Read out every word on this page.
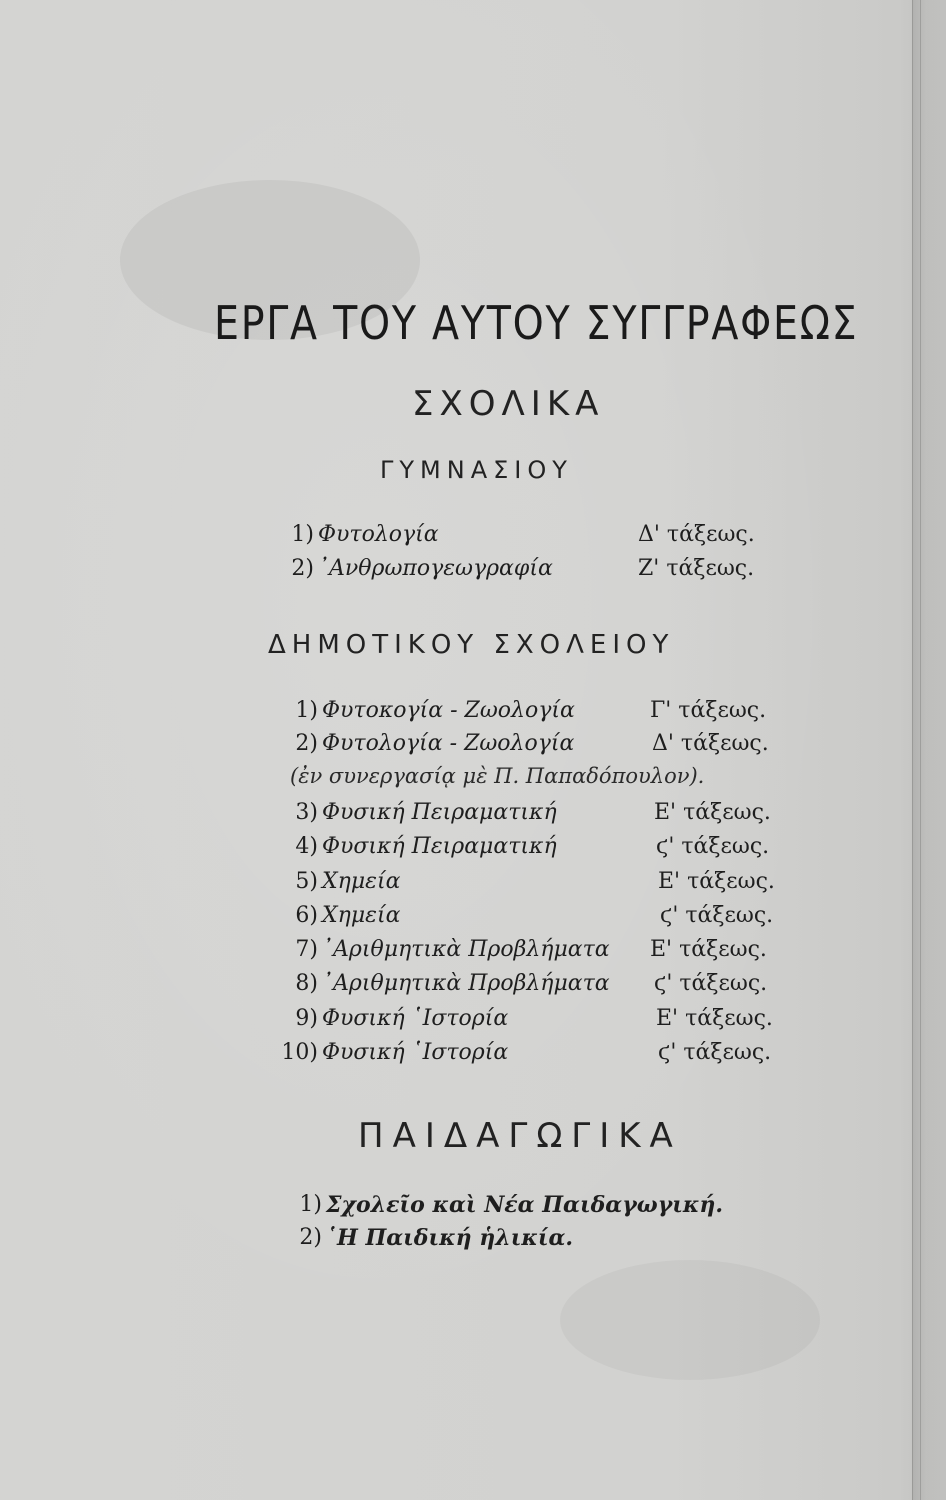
ΕΡΓΑ ΤΟΥ ΑΥΤΟΥ ΣΥΓΓΡΑΦΕΩΣ
ΣΧΟΛΙΚΑ
ΓΥΜΝΑΣΙΟΥ
1) Φυτολογία	Δ' τάξεως.
2) ᾽Ανθρωπογεωγραφία	Ζ' τάξεως.
ΔΗΜΟΤΙΚΟΥ ΣΧΟΛΕΙΟΥ
1) Φυτοκογία - Ζωολογία	Γ' τάξεως.
2) Φυτολογία - Ζωολογία	Δ' τάξεως.
(ἐν συνεργασίᾳ μὲ Π. Παπαδόπουλον).
3) Φυσική Πειραματική	Ε' τάξεως.
4) Φυσική Πειραματική	ϛ' τάξεως.
5) Χημεία	Ε' τάξεως.
6) Χημεία	ϛ' τάξεως.
7) ᾽Αριθμητικὰ Προβλήματα Ε' τάξεως.
8) ᾽Αριθμητικὰ Προβλήματα ϛ' τάξεως.
9) Φυσική ῾Ιστορία	Ε' τάξεως.
10) Φυσική ῾Ιστορία	ϛ' τάξεως.
ΠΑΙΔΑΓΩΓΙΚΑ
1) Σχολεῖο καὶ Νέα Παιδαγωγική.
2) ῾Η Παιδική ἡλικία.
